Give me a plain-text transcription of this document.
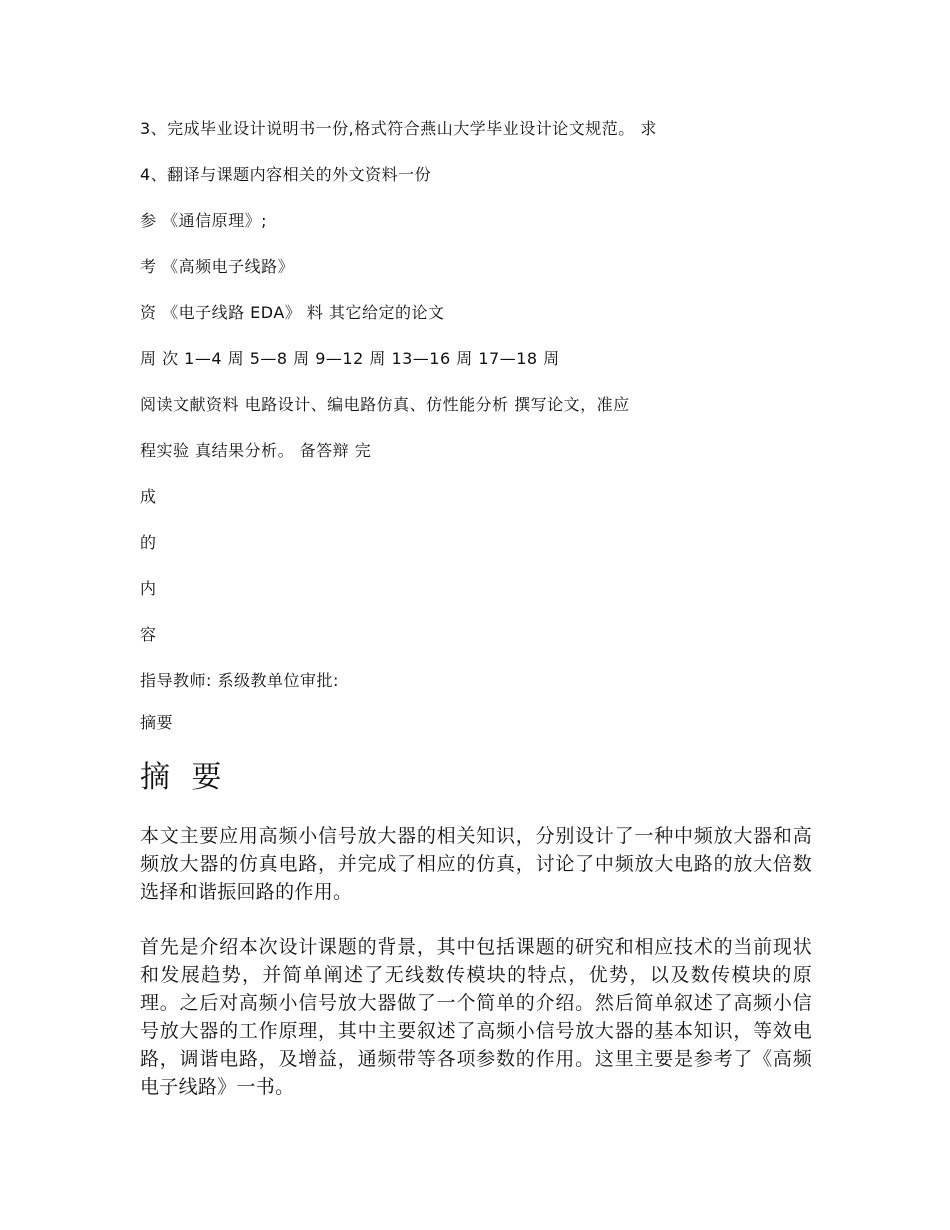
3、完成毕业设计说明书一份,格式符合燕山大学毕业设计论文规范。 求
4、翻译与课题内容相关的外文资料一份
参 《通信原理》;
考 《高频电子线路》
资 《电子线路 EDA》 料 其它给定的论文
周 次 1—4 周 5—8 周 9—12 周 13—16 周 17—18 周
阅读文献资料 电路设计、编电路仿真、仿性能分析 撰写论文，准应
程实验 真结果分析。 备答辩 完
成
的
内
容
指导教师: 系级教单位审批:
摘要
摘 要

本文主要应用高频小信号放大器的相关知识，分别设计了一种中频放大器和高频放大器的仿真电路，并完成了相应的仿真，讨论了中频放大电路的放大倍数选择和谐振回路的作用。

首先是介绍本次设计课题的背景，其中包括课题的研究和相应技术的当前现状和发展趋势，并简单阐述了无线数传模块的特点，优势，以及数传模块的原理。之后对高频小信号放大器做了一个简单的介绍。然后简单叙述了高频小信号放大器的工作原理，其中主要叙述了高频小信号放大器的基本知识，等效电路，调谐电路，及增益，通频带等各项参数的作用。这里主要是参考了《高频电子线路》一书。
